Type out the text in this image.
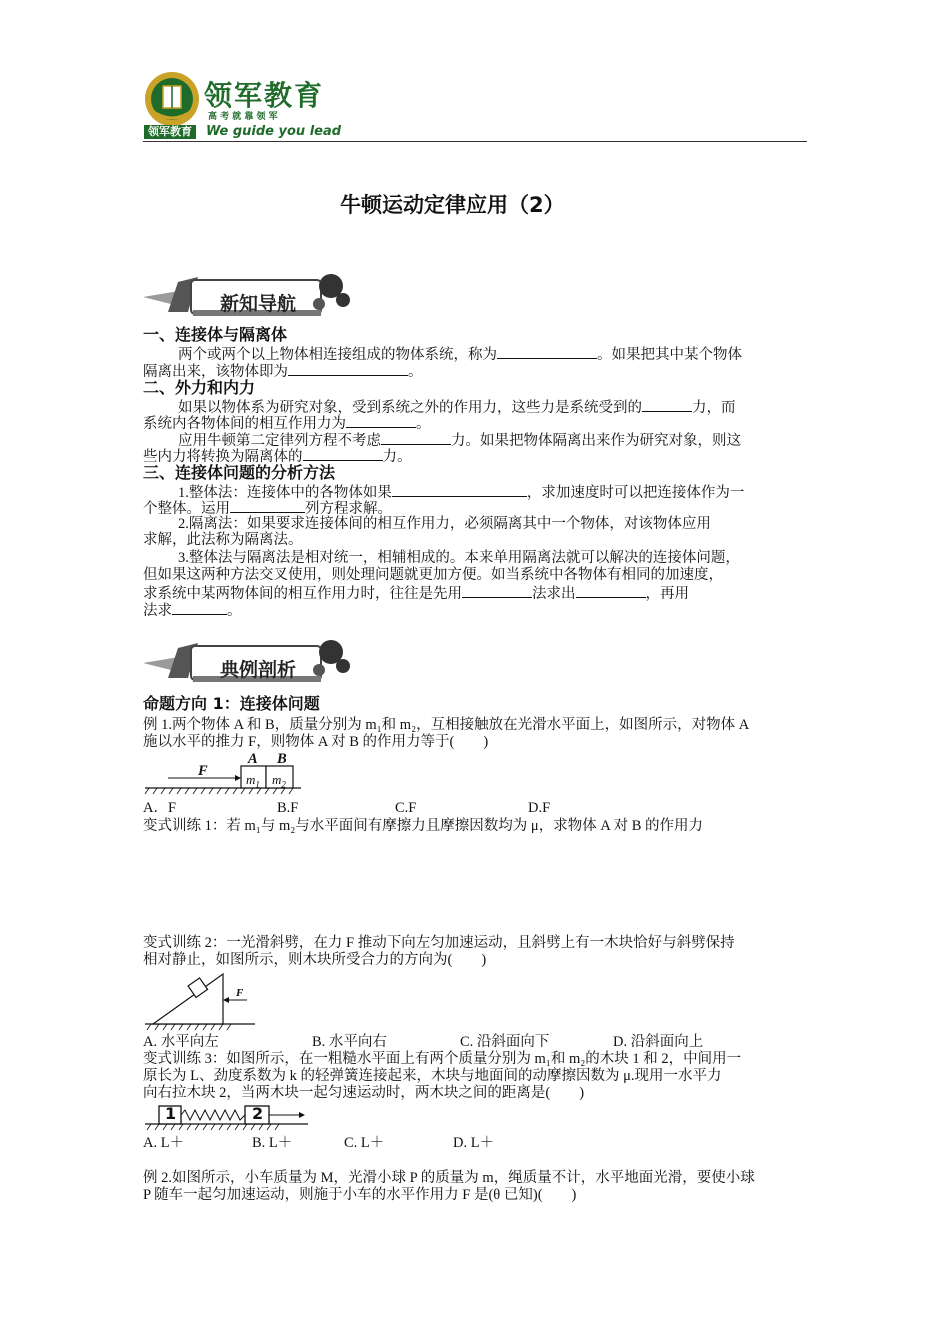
领军教育
高 考 就 靠 领 军
领军教育	We guide you lead
牛顿运动定律应用（2）
新知导航
一、连接体与隔离体
两个或两个以上物体相连接组成的物体系统，称为	。如果把其中某个物体
隔离出来，该物体即为	。
二、外力和内力
如果以物体系为研究对象，受到系统之外的作用力，这些力是系统受到的	力，而
系统内各物体间的相互作用力为	。
应用牛顿第二定律列方程不考虑	力。如果把物体隔离出来作为研究对象，则这
些内力将转换为隔离体的	力。
三、连接体问题的分析方法
1.整体法：连接体中的各物体如果	，求加速度时可以把连接体作为一
个整体。运用	列方程求解。
2.隔离法：如果要求连接体间的相互作用力，必须隔离其中一个物体，对该物体应用
求解，此法称为隔离法。
3.整体法与隔离法是相对统一，相辅相成的。本来单用隔离法就可以解决的连接体问题，
但如果这两种方法交叉使用，则处理问题就更加方便。如当系统中各物体有相同的加速度，
求系统中某两物体间的相互作用力时，往往是先用	法求出	，再用
法求	。
典例剖析
命题方向 1：连接体问题
例 1.两个物体 A 和 B，质量分别为 m₁和 m₂，互相接触放在光滑水平面上，如图所示，对物体 A
施以水平的推力 F，则物体 A 对 B 的作用力等于(　　)
F
A B
$m_1$ $m_2$
A．F	B.F	C.F	D.F
变式训练 1：若 m₁与 m₂与水平面间有摩擦力且摩擦因数均为 μ，求物体 A 对 B 的作用力
变式训练 2：一光滑斜劈，在力 F 推动下向左匀加速运动，且斜劈上有一木块恰好与斜劈保持
相对静止，如图所示，则木块所受合力的方向为(　　)
F
A. 水平向左	B. 水平向右	C. 沿斜面向下	D. 沿斜面向上
变式训练 3：如图所示，在一粗糙水平面上有两个质量分别为 m₁和 m₂的木块 1 和 2，中间用一
原长为 L、劲度系数为 k 的轻弹簧连接起来，木块与地面间的动摩擦因数为 μ.现用一水平力
向右拉木块 2，当两木块一起匀速运动时，两木块之间的距离是(　　)
1	2
A. L＋	B. L＋	C. L＋	D. L＋
例 2.如图所示，小车质量为 M，光滑小球 P 的质量为 m，绳质量不计，水平地面光滑，要使小球
P 随车一起匀加速运动，则施于小车的水平作用力 F 是(θ 已知)(　　)
